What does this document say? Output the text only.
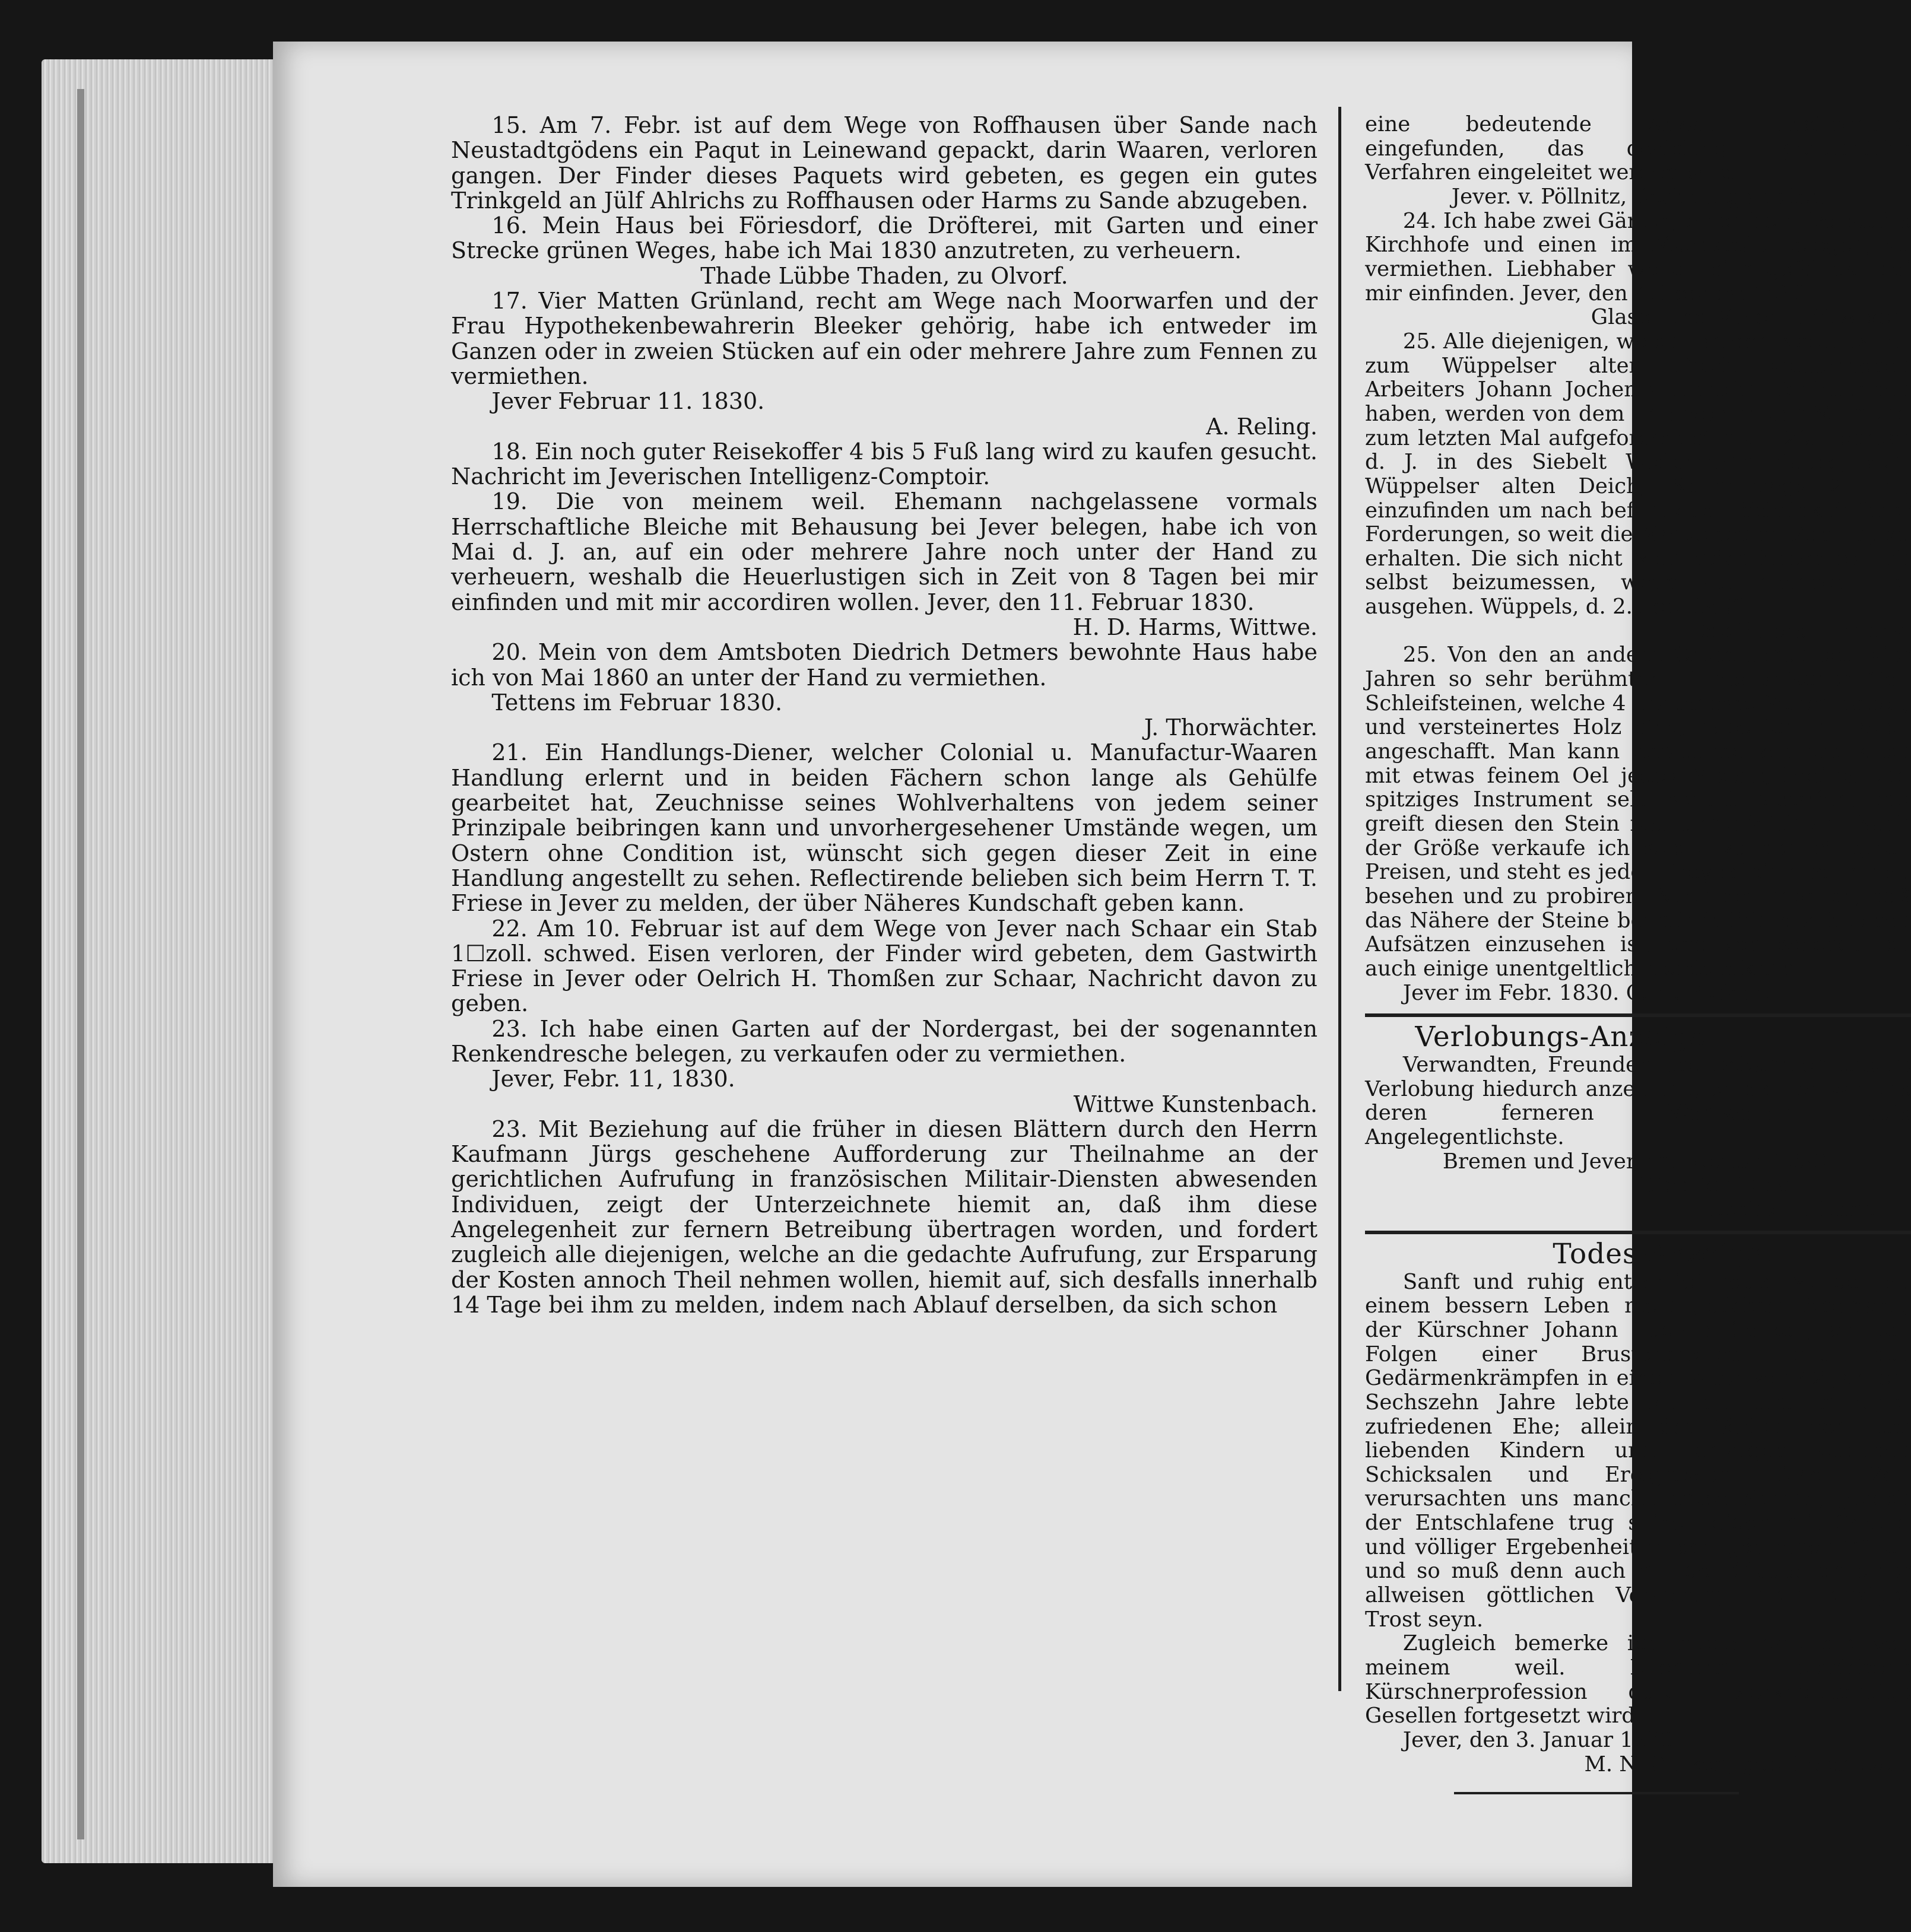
15. Am 7. Febr. ist auf dem Wege von Roffhausen über Sande nach Neustadtgödens ein Paqut in Leinewand gepackt, darin Waaren, verloren gangen. Der Finder dieses Paquets wird gebeten, es gegen ein gutes Trinkgeld an Jülf Ahlrichs zu Roffhausen oder Harms zu Sande abzugeben.

16. Mein Haus bei Föriesdorf, die Dröfterei, mit Garten und einer Strecke grünen Weges, habe ich Mai 1830 anzutreten, zu verheuern.

Thade Lübbe Thaden, zu Olvorf.

17. Vier Matten Grünland, recht am Wege nach Moorwarfen und der Frau Hypothekenbewahrerin Bleeker gehörig, habe ich entweder im Ganzen oder in zweien Stücken auf ein oder mehrere Jahre zum Fennen zu vermiethen.

Jever Februar 11. 1830.

A. Reling.

18. Ein noch guter Reisekoffer 4 bis 5 Fuß lang wird zu kaufen gesucht. Nachricht im Jeverischen Intelligenz-Comptoir.

19. Die von meinem weil. Ehemann nachgelassene vormals Herrschaftliche Bleiche mit Behausung bei Jever belegen, habe ich von Mai d. J. an, auf ein oder mehrere Jahre noch unter der Hand zu verheuern, weshalb die Heuerlustigen sich in Zeit von 8 Tagen bei mir einfinden und mit mir accordiren wollen. Jever, den 11. Februar 1830.

H. D. Harms, Wittwe.

20. Mein von dem Amtsboten Diedrich Detmers bewohnte Haus habe ich von Mai 1860 an unter der Hand zu vermiethen.

Tettens im Februar 1830.

J. Thorwächter.

21. Ein Handlungs-Diener, welcher Colonial u. Manufactur-Waaren Handlung erlernt und in beiden Fächern schon lange als Gehülfe gearbeitet hat, Zeuchnisse seines Wohlverhaltens von jedem seiner Prinzipale beibringen kann und unvorhergesehener Umstände wegen, um Ostern ohne Condition ist, wünscht sich gegen dieser Zeit in eine Handlung angestellt zu sehen. Reflectirende belieben sich beim Herrn T. T. Friese in Jever zu melden, der über Näheres Kundschaft geben kann.

22. Am 10. Februar ist auf dem Wege von Jever nach Schaar ein Stab 1☐zoll. schwed. Eisen verloren, der Finder wird gebeten, dem Gastwirth Friese in Jever oder Oelrich H. Thomßen zur Schaar, Nachricht davon zu geben.

23. Ich habe einen Garten auf der Nordergast, bei der sogenannten Renkendresche belegen, zu verkaufen oder zu vermiethen.

Jever, Febr. 11, 1830.

Wittwe Kunstenbach.

23. Mit Beziehung auf die früher in diesen Blättern durch den Herrn Kaufmann Jürgs geschehene Aufforderung zur Theilnahme an der gerichtlichen Aufrufung in französischen Militair-Diensten abwesenden Individuen, zeigt der Unterzeichnete hiemit an, daß ihm diese Angelegenheit zur fernern Betreibung übertragen worden, und fordert zugleich alle diejenigen, welche an die gedachte Aufrufung, zur Ersparung der Kosten annoch Theil nehmen wollen, hiemit auf, sich desfalls innerhalb 14 Tage bei ihm zu melden, indem nach Ablauf derselben, da sich schon

eine bedeutende Anzahl Theilnehmer eingefunden, das desfallsige gerichtliche Verfahren eingeleitet werden wird.

Jever. v. Pöllnitz, Rechnungssteller.

24. Ich habe zwei Gärten, einen beim Vorstadts Kirchhofe und einen im Moorlande belegen, zu vermiethen. Liebhaber wollen sich gefälligst bei mir einfinden. Jever, den 4. Februar 1830.

Glaser und Maler F. H. Arxen.

25. Alle diejenigen, welche an den Nachlaß des zum Wüppelser alten Deich verstorbenen Arbeiters Johann Jochems Hinrichs Forderungen haben, werden von dem unterzeichneten Vormund zum letzten Mal aufgefordert sich am 20. Februar d. J. in des Siebelt Wedermann Hause, zum Wüppelser alten Deich, Nachmittags 2 Uhr, einzufinden um nach befundener Richtigkeit ihrer Forderungen, so weit die Masse reicht, Zahlung zu erhalten. Die sich nicht Meldenden haben es sich selbst beizumessen, wenn sie nachher leer ausgehen. Wüppels, d. 2. Feb. 1830.

Edo Peters Hinrichs.

25. Von den an andern Orten schon seit vier Jahren so sehr berühmten Hindostanischen Oel-Schleifsteinen, welche 4 brauchbare Seiten haben, und versteinertes Holz sind, habe ich mir auch angeschafft. Man kann darauf trocken und auch mit etwas feinem Oel jedes Messer, breites und spitziges Instrument sehr schnell schärfen, und greift diesen den Stein fast unmerklich an. Nach der Größe verkaufe ich solche zu den billigsten Preisen, und steht es jedem frey selbige bei mir zu besehen und zu probiren. Noch bemerke ich, daß das Nähere der Steine bei mir in lithographischen Aufsätzen einzusehen ist, und von welchen ich auch einige unentgeltlich abgeben kann.

Jever im Febr. 1830. C. H. Peeken.

Verlobungs-Anzeige.

Verwandten, Freunden und Bekannten unsere Verlobung hiedurch anzeigend, empfehlen wir uns deren ferneren Wohlwollen aufs Angelegentlichste.

Bremen und Jever, im Februar 1830.

Diedrich Drost.

Sophie Hillerns.

Todes-Anzeige.

Sanft und ruhig entschlief heute Morgen zu einem bessern Leben mein geliebter Ehemann, der Kürschner Johann Ludwig Gerken, an den Folgen einer Brustkrankheit und den Gedärmenkrämpfen in einem Alter von 42 Jahren. Sechszehn Jahre lebte ich mit ihm in einer zufriedenen Ehe; allein der Verlust von fünf liebenden Kindern und sonstigen widrigen Schicksalen und Ereignissen dieser Zeit verursachten uns manche trübe Stunde, jedoch der Entschlafene trug seine Leiden mit Geduld und völliger Ergebenheit in den göttlichen Willen und so muß denn auch mir der Glaube an einer allweisen göttlichen Vorsehung mein einziger Trost seyn.

Zugleich bemerke ich hiebei daß die von meinem weil. Ehemann betriebene Kürschnerprofession durch werkverständige Gesellen fortgesetzt wird.

Jever, den 3. Januar 1830.

M. N. Gerken, geb. Feldhusen.
